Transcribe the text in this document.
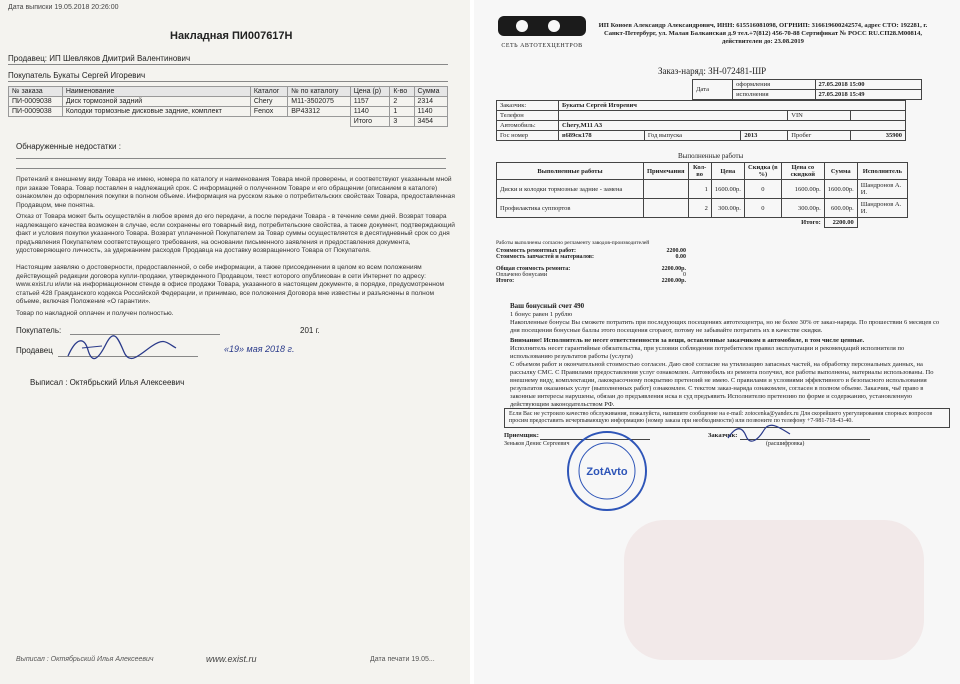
Дата выписки 19.05.2018 20:26:00
Накладная ПИ007617Н
Продавец: ИП Шевляков Дмитрий Валентинович
Покупатель Букаты Сергей Игоревич
№ заказа	Наименование	Каталог	№ по каталогу	Цена (р)	К-во	Сумма
ПИ-0009038	Диск тормозной задний	Chery	M11-3502075	1157	2	2314
ПИ-0009038	Колодки тормозные дисковые задние, комплект	Fenox	BP43312	1140	1	1140
				Итого	3	3454
Обнаруженные недостатки :
Претензий к внешнему виду Товара не имею, номера по каталогу и наименования Товара мной проверены, и соответствуют указанным мной при заказе Товара. Товар поставлен в надлежащий срок. С информацией о полученном Товаре и его обращении (описанием в каталоге) ознакомлен до оформления покупки в полном объеме. Информация на русском языке о потребительских свойствах Товара, предоставленная Продавцом, мне понятна.
Отказ от Товара может быть осуществлён в любое время до его передачи, а после передачи Товара - в течение семи дней. Возврат товара надлежащего качества возможен в случае, если сохранены его товарный вид, потребительские свойства, а также документ, подтверждающий факт и условия покупки указанного Товара. Возврат уплаченной Покупателем за Товар суммы осуществляется в десятидневный срок со дня предъявления Покупателем соответствующего требования, на основании письменного заявления и предоставления документа, удостоверяющего личность, за удержанием расходов Продавца на доставку возвращенного Товара от Покупателя.
Настоящим заявляю о достоверности, предоставленной, о себе информации, а также присоединении в целом ко всем положениям действующей редакции договора купли-продажи, утвержденного Продавцом, текст которого опубликован в сети Интернет по адресу: www.exist.ru и/или на информационном стенде в офисе продажи Товара, указанного в настоящем документе, в порядке, предусмотренном статьей 428 Гражданского кодекса Российской Федерации, и принимаю, все положения Договора мне известны и разъяснены в полном объеме, включая Положение «О гарантии».
Товар по накладной оплачен и получен полностью.
Покупатель:	201 г.
Продавец	«19» мая 2018 г.
Выписал : Октябрьский Илья Алексеевич
Выписал : Октябрьский Илья Алексеевич	www.exist.ru	Дата печати 19.05...
СЕТЬ АВТОТЕХЦЕНТРОВ
ИП Коноев Александр Александрович, ИНН: 615516081098, ОГРНИП: 316619600242574, адрес СТО: 192281, г. Санкт-Петербург, ул. Малая Балканская д.9 тел.+7(812) 456-70-88 Сертификат № РОСС RU.СП28.М00814, действителен до: 23.08.2019
Заказ-наряд: ЗН-072481-ШР
Дата	оформления	27.05.2018 15:00
	исполнения	27.05.2018 15:49
Заказчик:	Букаты Сергей Игоревич				
Телефон				VIN	
Автомобиль:	Chery,M11 A3				
Гос номер	в689ск178	Год выпуска	2013	Пробег	35900
Выполненные работы
Выполненные работы	Примечания	Кол-во	Цена	Скидка (в %)	Цена со скидкой	Сумма	Исполнитель
Диски и колодки тормозные задние - замена		1	1600.00р.	0	1600.00р.	1600.00р.	Шандронов А. И.
Профилактика суппортов		2	300.00р.	0	300.00р.	600.00р.	Шандронов А. И.
Итого:						2200.00	
Работы выполнены согласно регламенту заводов-производителей
Стоимость ремонтных работ:	2200.00
Стоимость запчастей и материалов:	0.00
Общая стоимость ремонта:	2200.00р.
Оплачено бонусами	0
Итого:	2200.00р.
Ваш бонусный счет 490
1 бонус равен 1 рублю
Накопленные бонусы Вы сможете потратить при последующих посещениях автотехцентра, но не более 30% от заказ-наряда. По прошествии 6 месяцев со дня посещения бонусные баллы этого посещения сгорают, потому не забывайте потратить их в качестве скидки.
Внимание! Исполнитель не несет ответственности за вещи, оставленные заказчиком в автомобиле, в том числе ценные.
Исполнитель несет гарантийные обязательства, при условии соблюдения потребителем правил эксплуатации и рекомендаций исполнителя по использованию результатов работы (услуги)
С объемом работ и окончательной стоимостью согласен. Даю своё согласие на утилизацию запасных частей, на обработку персональных данных, на рассылку СМС. С Правилами предоставления услуг ознакомлен. Автомобиль из ремонта получил, все работы выполнены, материалы использованы. По внешнему виду, комплектации, лакокрасочному покрытию претензий не имею. С правилами и условиями эффективного и безопасного использования результатов оказанных услуг (выполненных работ) ознакомлен. С текстом заказ-наряда ознакомлен, согласен в полном объеме. Заказчик, чьё право в законные интересы нарушены, обязан до предъявления иска в суд предъявить Исполнителю претензию по форме и содержанию, установленную действующим законодательством РФ.
Если Вас не устроило качество обслуживания, пожалуйста, напишите сообщение на e-mail: zotocenka@yandex.ru Для скорейшего урегулирования спорных вопросов просим предоставить исчерпывающую информацию (номер заказа при необходимости) или позвоните по телефону +7-981-718-43-40.
Приемщик:
Зеньков Денис Сергеевич
Заказчик:
(расшифровка)
ZotAvto
